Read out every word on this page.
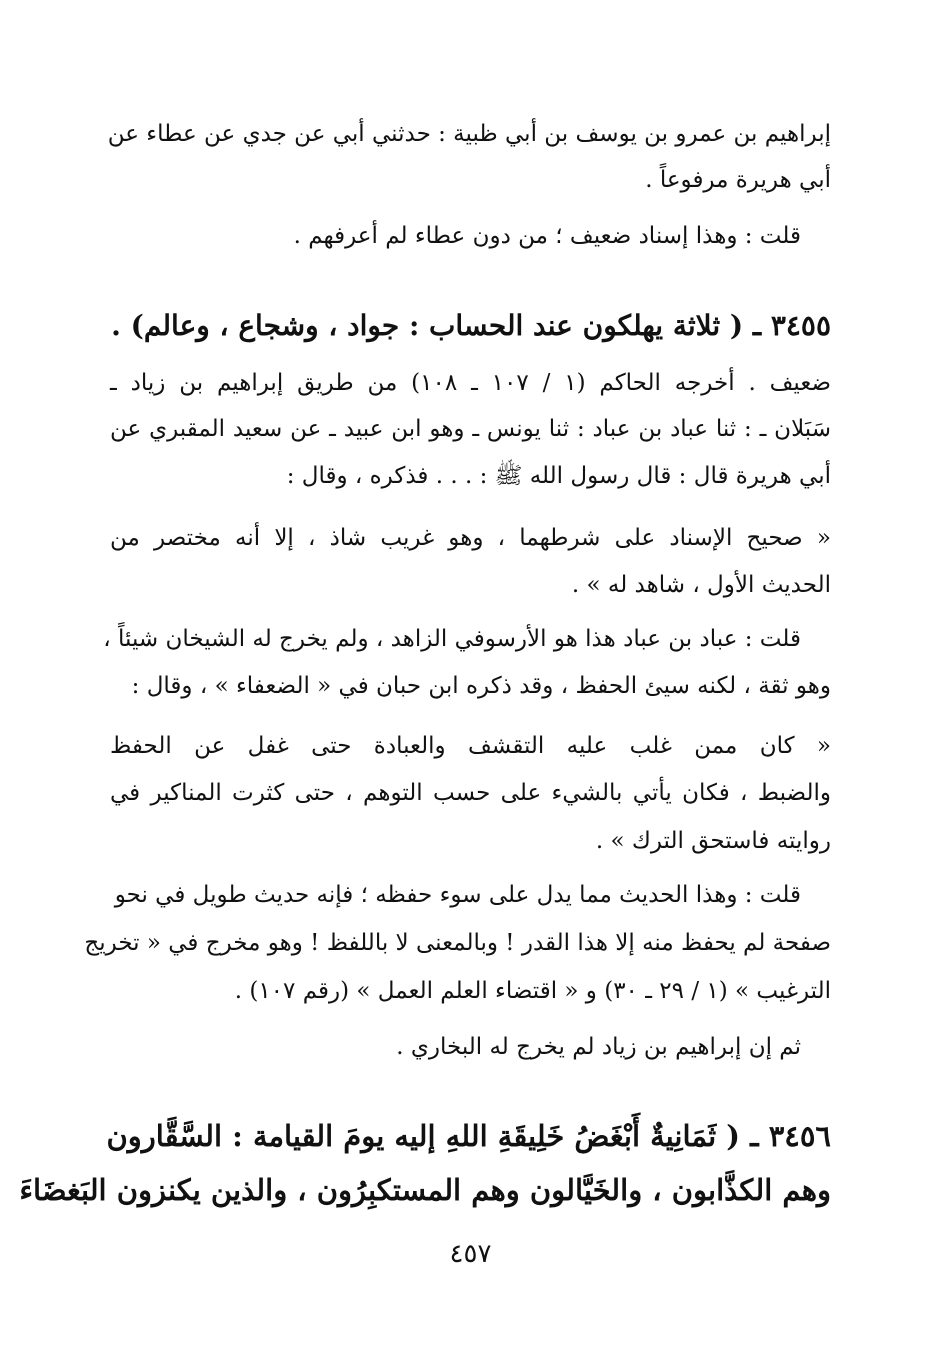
إبراهيم بن عمرو بن يوسف بن أبي ظبية : حدثني أبي عن جدي عن عطاء عن
أبي هريرة مرفوعاً .
قلت : وهذا إسناد ضعيف ؛ من دون عطاء لم أعرفهم .
٣٤٥٥ ـ ( ثلاثة يهلكون عند الحساب : جواد ، وشجاع ، وعالم) .
ضعيف . أخرجه الحاكم (١ / ١٠٧ ـ ١٠٨) من طريق إبراهيم بن زياد ـ
سَبَلان ـ : ثنا عباد بن عباد : ثنا يونس ـ وهو ابن عبيد ـ عن سعيد المقبري عن
أبي هريرة قال : قال رسول الله ﷺ : . . . فذكره ، وقال :
« صحيح الإسناد على شرطهما ، وهو غريب شاذ ، إلا أنه مختصر من
الحديث الأول ، شاهد له » .
قلت : عباد بن عباد هذا هو الأرسوفي الزاهد ، ولم يخرج له الشيخان شيئاً ،
وهو ثقة ، لكنه سيئ الحفظ ، وقد ذكره ابن حبان في « الضعفاء » ، وقال :
« كان ممن غلب عليه التقشف والعبادة حتى غفل عن الحفظ
والضبط ، فكان يأتي بالشيء على حسب التوهم ، حتى كثرت المناكير في
روايته فاستحق الترك » .
قلت : وهذا الحديث مما يدل على سوء حفظه ؛ فإنه حديث طويل في نحو
صفحة لم يحفظ منه إلا هذا القدر ! وبالمعنى لا باللفظ ! وهو مخرج في « تخريج
الترغيب » (١ / ٢٩ ـ ٣٠) و « اقتضاء العلم العمل » (رقم ١٠٧) .
ثم إن إبراهيم بن زياد لم يخرج له البخاري .
٣٤٥٦ ـ ( ثَمَانِيةٌ أَبْغَضُ خَلِيقَةِ اللهِ إليه يومَ القيامة : السَّقَّارون
وهم الكذَّابون ، والخَيَّالون وهم المستكبِرُون ، والذين يكنزون البَغضَاءَ
٤٥٧
